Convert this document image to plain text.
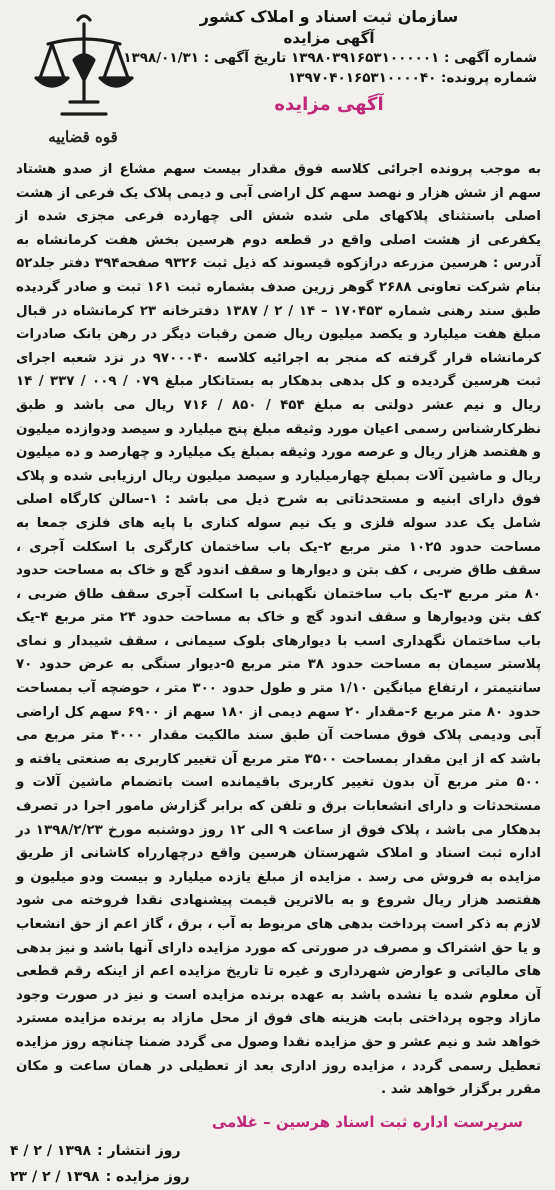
قوه قضاییه
سازمان ثبت اسناد و املاک کشور
آگهی مزایده
شماره آگهی : ۱۳۹۸۰۳۹۱۶۵۳۱۰۰۰۰۰۱ تاریخ آگهی : ۱۳۹۸/۰۱/۳۱
شماره پرونده: ۱۳۹۷۰۴۰۱۶۵۳۱۰۰۰۰۴۰
آگهی مزایده
به موجب پرونده اجرائی کلاسه فوق مقدار بیست سهم مشاع از صدو هشتاد سهم از شش هزار و نهصد سهم کل اراضی آبی و دیمی پلاک یک فرعی از هشت اصلی باستثنای پلاکهای ملی شده شش الی چهارده فرعی مجزی شده از یکفرعی از هشت اصلی واقع در قطعه دوم هرسین بخش هفت کرمانشاه به آدرس : هرسین مزرعه درازکوه قیسوند که ذیل ثبت ۹۳۲۶ صفحه۳۹۴ دفتر جلد۵۲ بنام شرکت تعاونی ۲۶۸۸ گوهر زرین صدف بشماره ثبت ۱۶۱ ثبت و صادر گردیده طبق سند رهنی شماره ۱۷۰۴۵۳ – ۱۴ / ۲ / ۱۳۸۷ دفترخانه ۲۳ کرمانشاه در قبال مبلغ هفت میلیارد و یکصد میلیون ریال ضمن رقبات دیگر در رهن بانک صادرات کرمانشاه قرار گرفته که منجر به اجرائیه کلاسه ۹۷۰۰۰۴۰ در نزد شعبه اجرای ثبت هرسین گردیده و کل بدهی بدهکار به بستانکار مبلغ ۰۷۹ / ۰۰۹ / ۳۳۷ / ۱۴ ریال و نیم عشر دولتی به مبلغ ۴۵۴ / ۸۵۰ / ۷۱۶ ریال می باشد و طبق نظرکارشناس رسمی اعیان مورد وثیقه مبلغ پنج میلیارد و سیصد ودوازده میلیون و هفتصد هزار ریال و عرصه مورد وثیقه بمبلغ یک میلیارد و چهارصد و ده میلیون ریال و ماشین آلات بمبلغ چهارمیلیارد و سیصد میلیون ریال ارزیابی شده و پلاک فوق دارای ابنیه و مستحدثاتی به شرح ذیل می باشد : ۱-سالن کارگاه اصلی شامل یک عدد سوله فلزی و یک نیم سوله کناری با پایه های فلزی جمعا به مساحت حدود ۱۰۲۵ متر مربع ۲-یک باب ساختمان کارگری با اسکلت آجری ، سقف طاق ضربی ، کف بتن و دیوارها و سقف اندود گچ و خاک به مساحت حدود ۸۰ متر مربع ۳-یک باب ساختمان نگهبانی با اسکلت آجری سقف طاق ضربی ، کف بتن ودیوارها و سقف اندود گچ و خاک به مساحت حدود ۲۴ متر مربع ۴-یک باب ساختمان نگهداری اسب با دیوارهای بلوک سیمانی ، سقف شیبدار و نمای پلاستر سیمان به مساحت حدود ۳۸ متر مربع ۵-دیوار سنگی به عرض حدود ۷۰ سانتیمتر ، ارتفاع میانگین ۱/۱۰ متر و طول حدود ۳۰۰ متر ، حوضچه آب بمساحت حدود ۸۰ متر مربع ۶-مقدار ۲۰ سهم دیمی از ۱۸۰ سهم از ۶۹۰۰ سهم کل اراضی آبی ودیمی پلاک فوق مساحت آن طبق سند مالکیت مقدار ۴۰۰۰ متر مربع می باشد که از این مقدار بمساحت ۳۵۰۰ متر مربع آن تغییر کاربری به صنعتی یافته و ۵۰۰ متر مربع آن بدون تغییر کاربری باقیمانده است باتضمام ماشین آلات و مستحدثات و دارای انشعابات برق و تلفن که برابر گزارش مامور اجرا در تصرف بدهکار می باشد ، پلاک فوق از ساعت ۹ الی ۱۲ روز دوشنبه مورخ ۱۳۹۸/۲/۲۳ در اداره ثبت اسناد و املاک شهرستان هرسین واقع درچهارراه کاشانی از طریق مزایده به فروش می رسد . مزایده از مبلغ یازده میلیارد و بیست ودو میلیون و هفتصد هزار ریال شروع و به بالاترین قیمت پیشنهادی نقدا فروخته می شود لازم به ذکر است پرداخت بدهی های مربوط به آب ، برق ، گاز اعم از حق انشعاب و یا حق اشتراک و مصرف در صورتی که مورد مزایده دارای آنها باشد و نیز بدهی های مالیاتی و عوارض شهرداری و غیره تا تاریخ مزایده اعم از اینکه رقم قطعی آن معلوم شده یا نشده باشد به عهده برنده مزایده است و نیز در صورت وجود مازاد وجوه پرداختی بابت هزینه های فوق از محل مازاد به برنده مزایده مسترد خواهد شد و نیم عشر و حق مزایده نقدا وصول می گردد ضمنا چنانچه روز مزایده تعطیل رسمی گردد ، مزایده روز اداری بعد از تعطیلی در همان ساعت و مکان مقرر برگزار خواهد شد .
سرپرست اداره ثبت اسناد هرسین – غلامی
روز انتشار :
۱۳۹۸ / ۲ / ۴
روز مزایده :
۱۳۹۸ / ۲ / ۲۳
